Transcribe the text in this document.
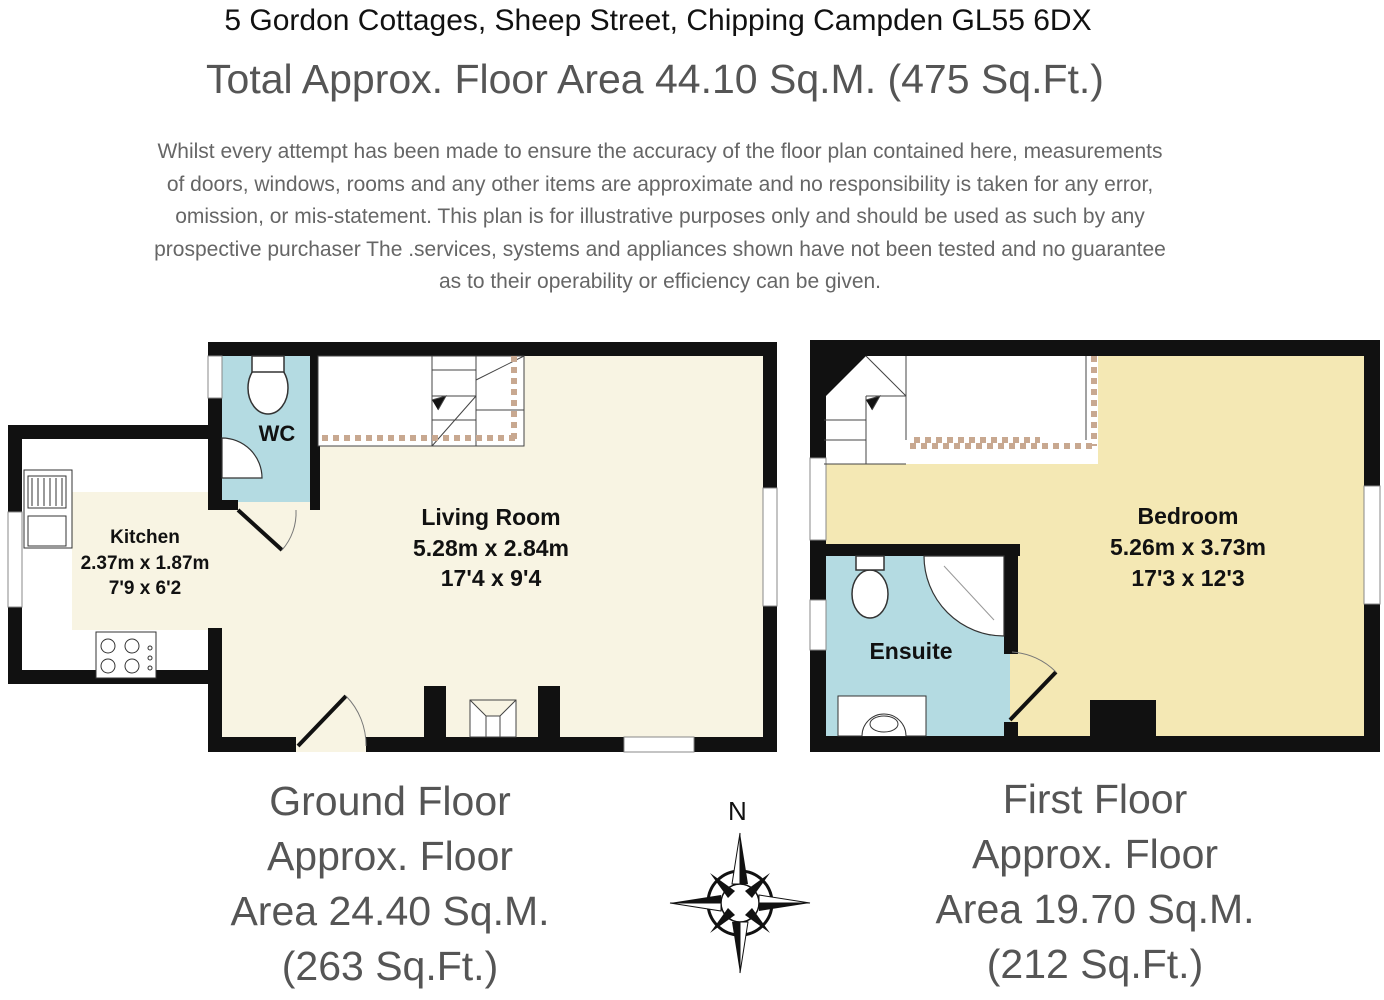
5 Gordon Cottages, Sheep Street, Chipping Campden GL55 6DX
Total Approx. Floor Area 44.10 Sq.M. (475 Sq.Ft.)
Whilst every attempt has been made to ensure the accuracy of the floor plan contained here, measurements
of doors, windows, rooms and any other items are approximate and no responsibility is taken for any error,
omission, or mis-statement. This plan is for illustrative purposes only and should be used as such by any
prospective purchaser The .services, systems and appliances shown have not been tested and no guarantee
as to their operability or efficiency can be given.
Kitchen
2.37m x 1.87m
7'9 x 6'2
WC
Living Room
5.28m x 2.84m
17'4 x 9'4
Bedroom
5.26m x 3.73m
17'3 x 12'3
Ensuite
N
Ground Floor
Approx. Floor
Area 24.40 Sq.M.
(263 Sq.Ft.)
First Floor
Approx. Floor
Area 19.70 Sq.M.
(212 Sq.Ft.)
